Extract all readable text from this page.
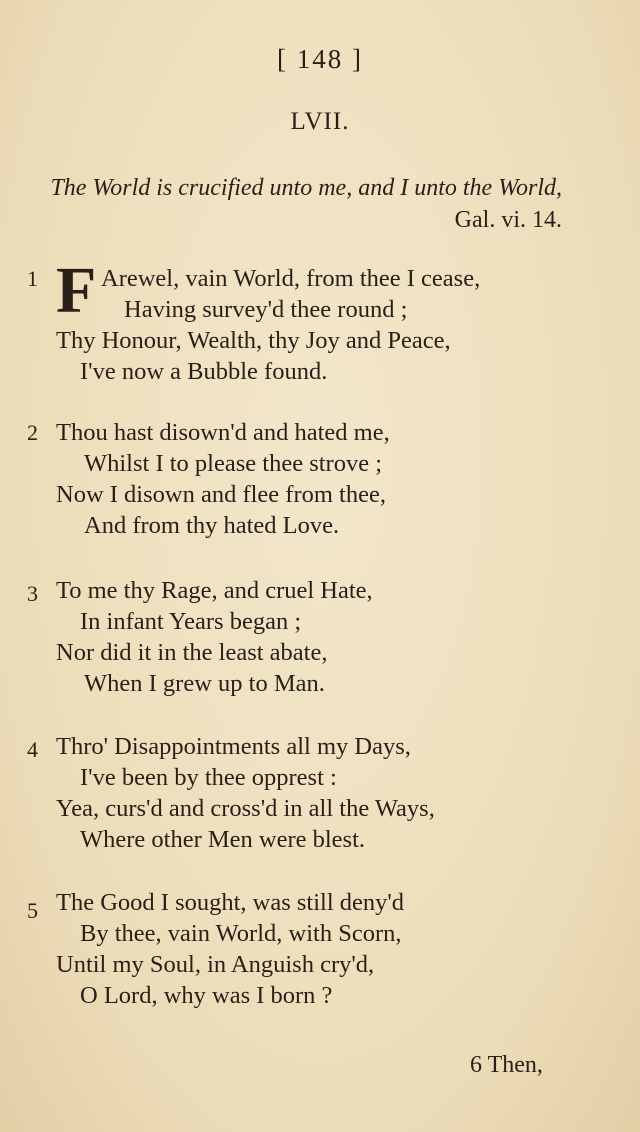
[ 148 ]
LVII.
The World is crucified unto me, and I unto the World, Gal. vi. 14.
1 F Arewel, vain World, from thee I cease,
Having survey'd thee round ;
Thy Honour, Wealth, thy Joy and Peace,
I've now a Bubble found.
2 Thou hast disown'd and hated me,
Whilst I to please thee strove ;
Now I disown and flee from thee,
And from thy hated Love.
3 To me thy Rage, and cruel Hate,
In infant Years began ;
Nor did it in the least abate,
When I grew up to Man.
4 Thro' Disappointments all my Days,
I've been by thee opprest :
Yea, curs'd and cross'd in all the Ways,
Where other Men were blest.
5 The Good I sought, was still deny'd
By thee, vain World, with Scorn,
Until my Soul, in Anguish cry'd,
O Lord, why was I born ?
6 Then,
